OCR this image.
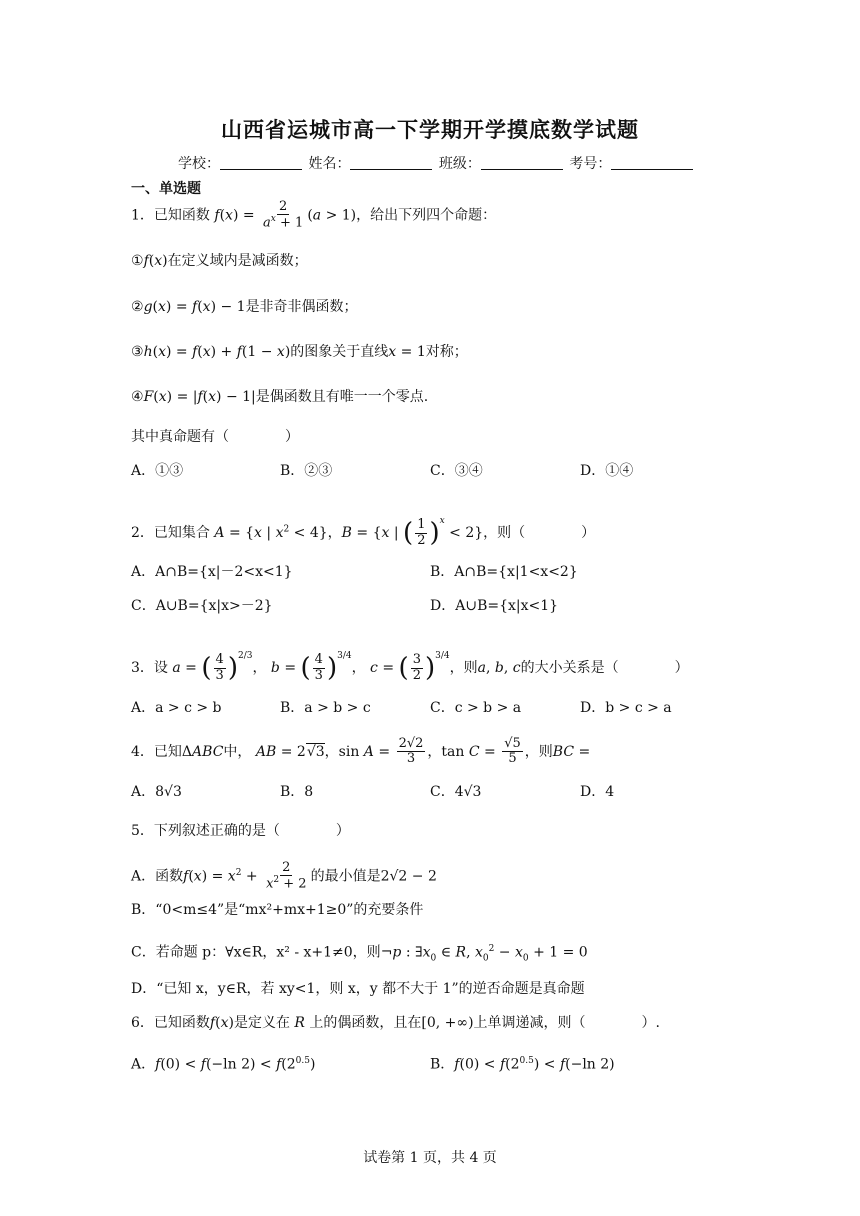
山西省运城市高一下学期开学摸底数学试题
学校：	姓名：	班级：	考号：
一、单选题
1．已知函数 $f(x) = \frac{2}{a^x + 1} (a > 1)$，给出下列四个命题：
①f(x)在定义域内是减函数；
②g(x) = f(x) − 1是非奇非偶函数；
③h(x) = f(x) + f(1 − x)的图象关于直线x = 1对称；
④F(x) = |f(x) − 1|是偶函数且有唯一一个零点.
其中真命题有（　　　　）
A．①③	B．②③	C．③④	D．①④
2．已知集合 A = {x | $x^2 < 4$}，B = {x | ( $\frac{1}{2} )^x < 2$}，则（　　　　）
A．A∩B={x|－2<x<1}	B．A∩B={x|1<x<2}
C．A∪B={x|x>－2}	D．A∪B={x|x<1}
3．设 a = ( $\frac{4}{3} )^{2/3}$， b = ( $\frac{4}{3} )^{3/4}$， c = ( $\frac{3}{2} )^{3/4}$，则a, b, c的大小关系是（　　　　）
A．a > c > b	B．a > b > c	C．c > b > a	D．b > c > a
4．已知ΔABC中， AB = 2√3，$\sin A = \frac{2√2}{3}$ ，$\tan C = \frac{√5}{5}$ ，则BC =
A．8√3	B．8	C．4√3	D．4
5．下列叙述正确的是（　　　　）
A．函数$f(x) = x^2 + \frac{2}{x^2 + 2}$ 的最小值是2√2 − 2
B．“0<m≤4”是“mx²+mx+1≥0”的充要条件
C．若命题 p：∀x∈R，x² - x+1≠0，则¬p : $\exists x_0$ ∈ R, $x_0^2 - x_0 + 1 = 0$
D．“已知 x，y∈R，若 xy<1，则 x，y 都不大于 1”的逆否命题是真命题
6．已知函数f(x)是定义在 R 上的偶函数，且在[0, +∞)上单调递减，则（　　　　）.
A．f(0) < f(−ln $2) < f(2^{0.5})$	B．$f(0) < f(2^{0.5}) < f(-\ln$ 2)
试卷第 1 页，共 4 页
